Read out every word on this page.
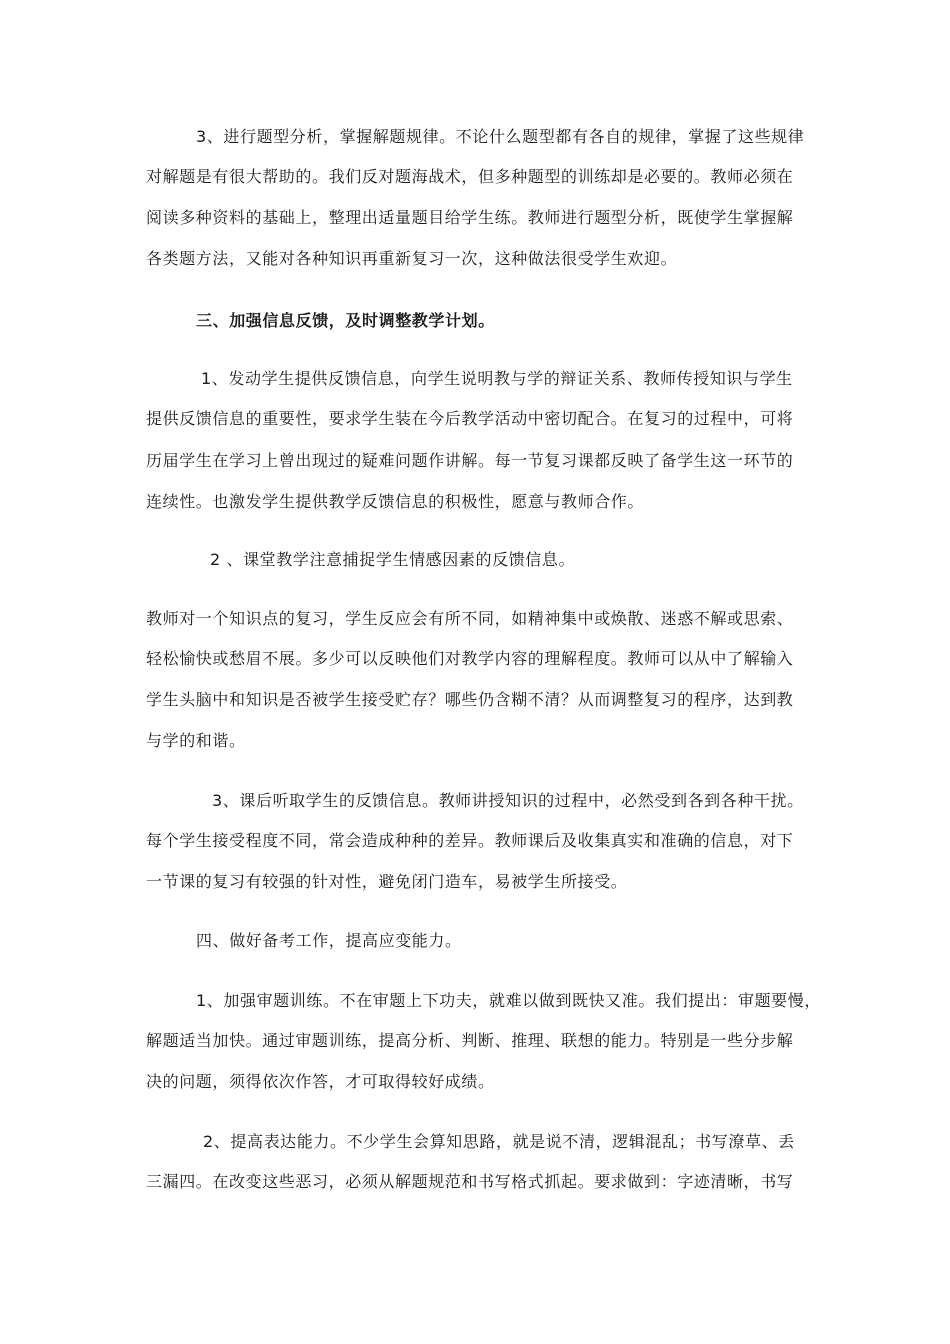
3、进行题型分析，掌握解题规律。不论什么题型都有各自的规律，掌握了这些规律
对解题是有很大帮助的。我们反对题海战术，但多种题型的训练却是必要的。教师必须在
阅读多种资料的基础上，整理出适量题目给学生练。教师进行题型分析，既使学生掌握解
各类题方法，又能对各种知识再重新复习一次，这种做法很受学生欢迎。
三、加强信息反馈，及时调整教学计划。
1、发动学生提供反馈信息，向学生说明教与学的辩证关系、教师传授知识与学生
提供反馈信息的重要性，要求学生装在今后教学活动中密切配合。在复习的过程中，可将
历届学生在学习上曾出现过的疑难问题作讲解。每一节复习课都反映了备学生这一环节的
连续性。也激发学生提供教学反馈信息的积极性，愿意与教师合作。
2 、课堂教学注意捕捉学生情感因素的反馈信息。
教师对一个知识点的复习，学生反应会有所不同，如精神集中或焕散、迷惑不解或思索、
轻松愉快或愁眉不展。多少可以反映他们对教学内容的理解程度。教师可以从中了解输入
学生头脑中和知识是否被学生接受贮存？哪些仍含糊不清？从而调整复习的程序，达到教
与学的和谐。
3、课后听取学生的反馈信息。教师讲授知识的过程中，必然受到各到各种干扰。
每个学生接受程度不同，常会造成种种的差异。教师课后及收集真实和准确的信息，对下
一节课的复习有较强的针对性，避免闭门造车，易被学生所接受。
四、做好备考工作，提高应变能力。
1、加强审题训练。不在审题上下功夫，就难以做到既快又准。我们提出：审题要慢，
解题适当加快。通过审题训练，提高分析、判断、推理、联想的能力。特别是一些分步解
决的问题，须得依次作答，才可取得较好成绩。
2、提高表达能力。不少学生会算知思路，就是说不清，逻辑混乱；书写潦草、丢
三漏四。在改变这些恶习，必须从解题规范和书写格式抓起。要求做到：字迹清晰，书写
